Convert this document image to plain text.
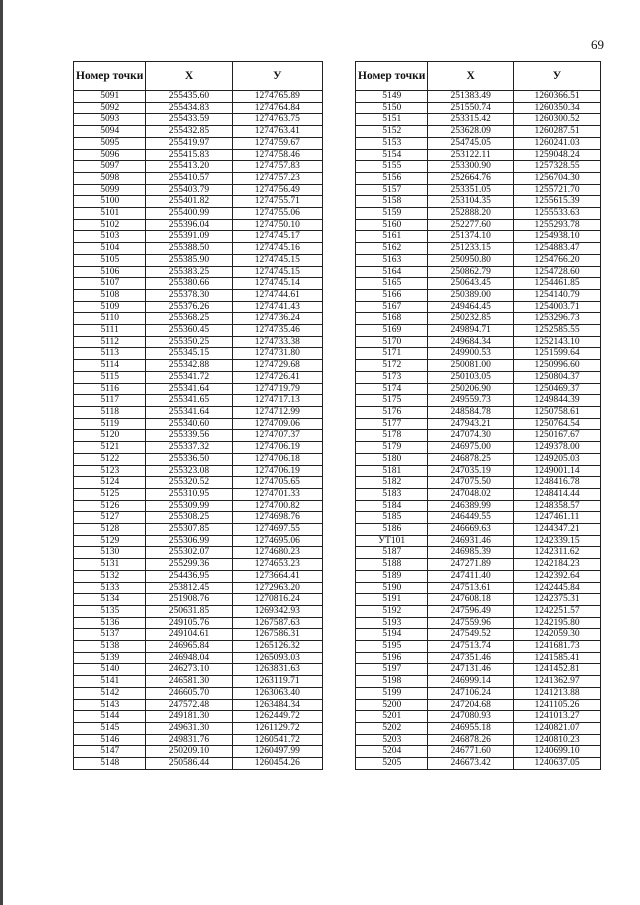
69
Номер точки	Х	У
5091	255435.60	1274765.89
5092	255434.83	1274764.84
5093	255433.59	1274763.75
5094	255432.85	1274763.41
5095	255419.97	1274759.67
5096	255415.83	1274758.46
5097	255413.20	1274757.83
5098	255410.57	1274757.23
5099	255403.79	1274756.49
5100	255401.82	1274755.71
5101	255400.99	1274755.06
5102	255396.04	1274750.10
5103	255391.09	1274745.17
5104	255388.50	1274745.16
5105	255385.90	1274745.15
5106	255383.25	1274745.15
5107	255380.66	1274745.14
5108	255378.30	1274744.61
5109	255376.26	1274741.43
5110	255368.25	1274736.24
5111	255360.45	1274735.46
5112	255350.25	1274733.38
5113	255345.15	1274731.80
5114	255342.88	1274729.68
5115	255341.72	1274726.41
5116	255341.64	1274719.79
5117	255341.65	1274717.13
5118	255341.64	1274712.99
5119	255340.60	1274709.06
5120	255339.56	1274707.37
5121	255337.32	1274706.19
5122	255336.50	1274706.18
5123	255323.08	1274706.19
5124	255320.52	1274705.65
5125	255310.95	1274701.33
5126	255309.99	1274700.82
5127	255308.25	1274698.76
5128	255307.85	1274697.55
5129	255306.99	1274695.06
5130	255302.07	1274680.23
5131	255299.36	1274653.23
5132	254436.95	1273664.41
5133	253812.45	1272963.20
5134	251908.76	1270816.24
5135	250631.85	1269342.93
5136	249105.76	1267587.63
5137	249104.61	1267586.31
5138	246965.84	1265126.32
5139	246948.04	1265093.03
5140	246273.10	1263831.63
5141	246581.30	1263119.71
5142	246605.70	1263063.40
5143	247572.48	1263484.34
5144	249181.30	1262449.72
5145	249631.30	1261129.72
5146	249831.76	1260541.72
5147	250209.10	1260497.99
5148	250586.44	1260454.26
Номер точки	Х	У
5149	251383.49	1260366.51
5150	251550.74	1260350.34
5151	253315.42	1260300.52
5152	253628.09	1260287.51
5153	254745.05	1260241.03
5154	253122.11	1259048.24
5155	253300.90	1257328.55
5156	252664.76	1256704.30
5157	253351.05	1255721.70
5158	253104.35	1255615.39
5159	252888.20	1255533.63
5160	252277.60	1255293.78
5161	251374.10	1254938.10
5162	251233.15	1254883.47
5163	250950.80	1254766.20
5164	250862.79	1254728.60
5165	250643.45	1254461.85
5166	250389.00	1254140.79
5167	249464.45	1254003.71
5168	250232.85	1253296.73
5169	249894.71	1252585.55
5170	249684.34	1252143.10
5171	249900.53	1251599.64
5172	250081.00	1250996.60
5173	250103.05	1250804.37
5174	250206.90	1250469.37
5175	249559.73	1249844.39
5176	248584.78	1250758.61
5177	247943.21	1250764.54
5178	247074.30	1250167.67
5179	246975.00	1249378.00
5180	246878.25	1249205.03
5181	247035.19	1249001.14
5182	247075.50	1248416.78
5183	247048.02	1248414.44
5184	246389.99	1248358.57
5185	246449.55	1247461.11
5186	246669.63	1244347.21
УТ101	246931.46	1242339.15
5187	246985.39	1242311.62
5188	247271.89	1242184.23
5189	247411.40	1242392.64
5190	247513.61	1242445.84
5191	247608.18	1242375.31
5192	247596.49	1242251.57
5193	247559.96	1242195.80
5194	247549.52	1242059.30
5195	247513.74	1241681.73
5196	247351.46	1241585.41
5197	247131.46	1241452.81
5198	246999.14	1241362.97
5199	247106.24	1241213.88
5200	247204.68	1241105.26
5201	247080.93	1241013.27
5202	246955.18	1240821.07
5203	246878.26	1240810.23
5204	246771.60	1240699.10
5205	246673.42	1240637.05
